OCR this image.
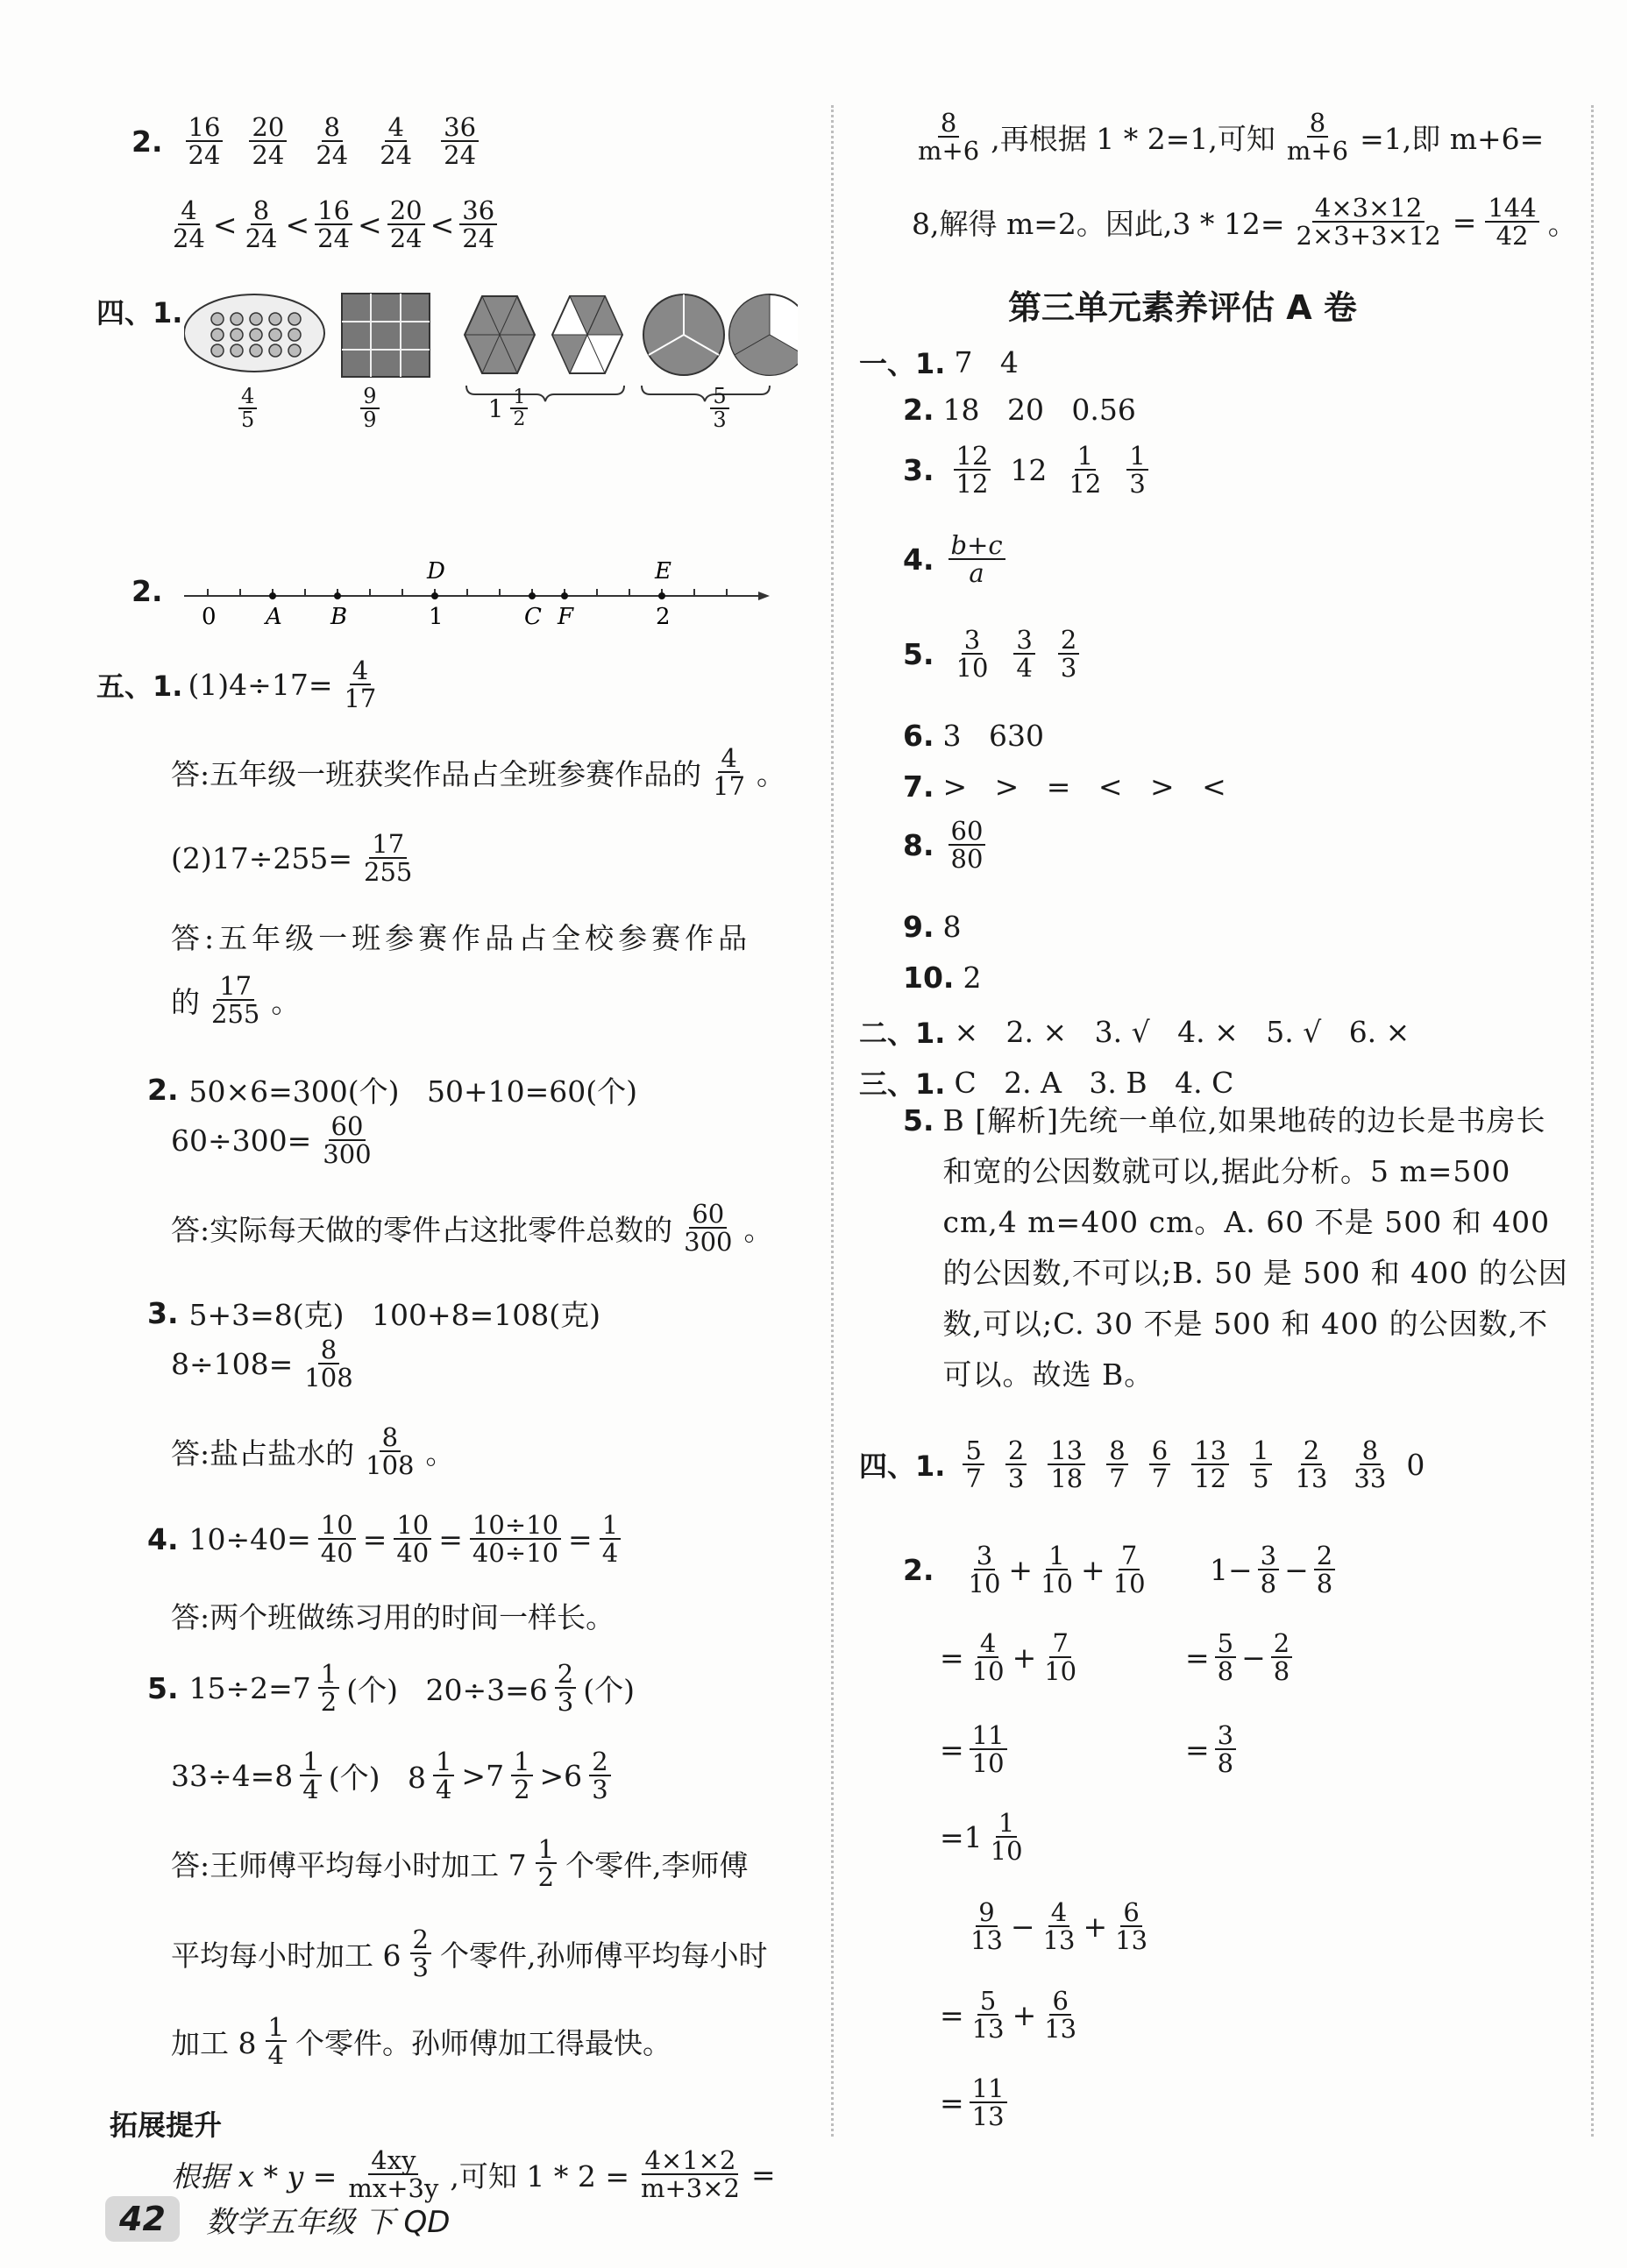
2. $\frac{16}{24} \frac{20}{24} \frac{8}{24} \frac{4}{24} \frac{36}{24}$
$\frac{4}{24} < \frac{8}{24} < \frac{16}{24} < \frac{20}{24} < \frac{36}{24}$
四、1.
$\frac{4}{5}$	$\frac{9}{9}$	$1 \frac{1}{2}$	$\frac{5}{3}$
2.
0 A B	1	C F	2
D	E
五、1. $(1)4\div 17= \frac{4}{17}$
答:五年级一班获奖作品占全班参赛作品的 $\frac{4}{17}$ 。
$(2)17\div 255= \frac{17}{255}$
答:五年级一班参赛作品占全校参赛作品
的 $\frac{17}{255}$ 。
2. 50×6=300(个)   50+10=60(个)
$60\div 300= \frac{60}{300}$
答:实际每天做的零件占这批零件总数的 $\frac{60}{300}$ 。
3. 5+3=8(克)   100+8=108(克)
$8\div 108= \frac{8}{108}$
答:盐占盐水的 $\frac{8}{108}$ 。
4. $10\div 40= \frac{10}{40} = \frac{10}{40} = \frac{10\div 10}{40\div 10} = \frac{1}{4}$
答:两个班做练习用的时间一样长。
5. $15\div 2=7 \frac{1}{2}$ (个)   $20\div 3=6 \frac{2}{3}$ (个)
$33\div 4=8 \frac{1}{4}$ (个)   $8 \frac{1}{4} >7 \frac{1}{2} >6 \frac{2}{3}$
答:王师傅平均每小时加工 $7 \frac{1}{2}$ 个零件,李师傅
平均每小时加工 $6 \frac{2}{3}$ 个零件,孙师傅平均每小时
加工 $8 \frac{1}{4}$ 个零件。孙师傅加工得最快。
拓展提升
根据 $x * y = \frac{4xy}{mx+3y}$ ,可知 $1 * 2 = \frac{4\times 1\times 2}{m+3\times 2}$ =
$\frac{8}{m+6}$ ,再根据 1 * 2=1,可知 $\frac{8}{m+6} =1$,即 m+6=
8,解得 m=2。因此$,3 * 12= \frac{4\times 3\times 12}{2\times 3+3\times 12} = \frac{144}{42}$ 。
第三单元素养评估 A 卷
一、1. 7   4
2. 18   20   0.56
3. $\frac{12}{12} 12 \frac{1}{12} \frac{1}{3}$
4. $\frac{b+c}{a}$
5. $\frac{3}{10} \frac{3}{4} \frac{2}{3}$
6. 3   630
7. >   >   =   <   >   <
8. $\frac{60}{80}$
9. 8
10. 2
二、1. ×   2. ×   3. √   4. ×   5. √   6. ×
三、1. C   2. A   3. B   4. C
5. B [解析]先统一单位,如果地砖的边长是书房长和宽的公因数就可以,据此分析。5 m=500 cm,4 m=400 cm。A. 60 不是 500 和 400 的公因数,不可以;B. 50 是 500 和 400 的公因数,可以;C. 30 不是 500 和 400 的公因数,不可以。故选 B。
四、1. $\frac{5}{7} \frac{2}{3} \frac{13}{18} \frac{8}{7} \frac{6}{7} \frac{13}{12} \frac{1}{5} \frac{2}{13} \frac{8}{33} 0$
2. $\frac{3}{10} + \frac{1}{10} + \frac{7}{10} 1- \frac{3}{8} - \frac{2}{8}$
= $\frac{4}{10} + \frac{7}{10}$	= $\frac{5}{8} - \frac{2}{8}$
= $\frac{11}{10}$	= $\frac{3}{8}$
$=1 \frac{1}{10}$
$\frac{9}{13} - \frac{4}{13} + \frac{6}{13}$
= $\frac{5}{13} + \frac{6}{13}$
= $\frac{11}{13}$
42	数学五年级 下 QD
